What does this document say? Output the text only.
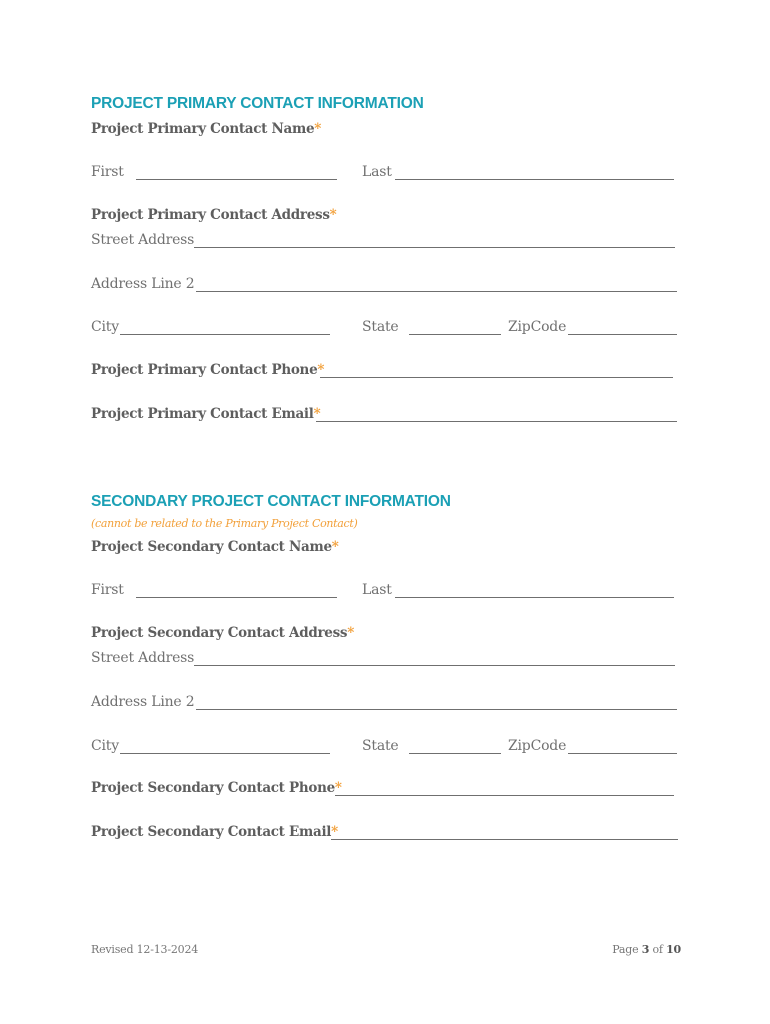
PROJECT PRIMARY CONTACT INFORMATION
Project Primary Contact Name*
First	Last
Project Primary Contact Address*
Street Address
Address Line 2
City	State	ZipCode
Project Primary Contact Phone*
Project Primary Contact Email*
SECONDARY PROJECT CONTACT INFORMATION
(cannot be related to the Primary Project Contact)
Project Secondary Contact Name*
First	Last
Project Secondary Contact Address*
Street Address
Address Line 2
City	State	ZipCode
Project Secondary Contact Phone*
Project Secondary Contact Email*
Revised 12-13-2024	Page 3 of 10
